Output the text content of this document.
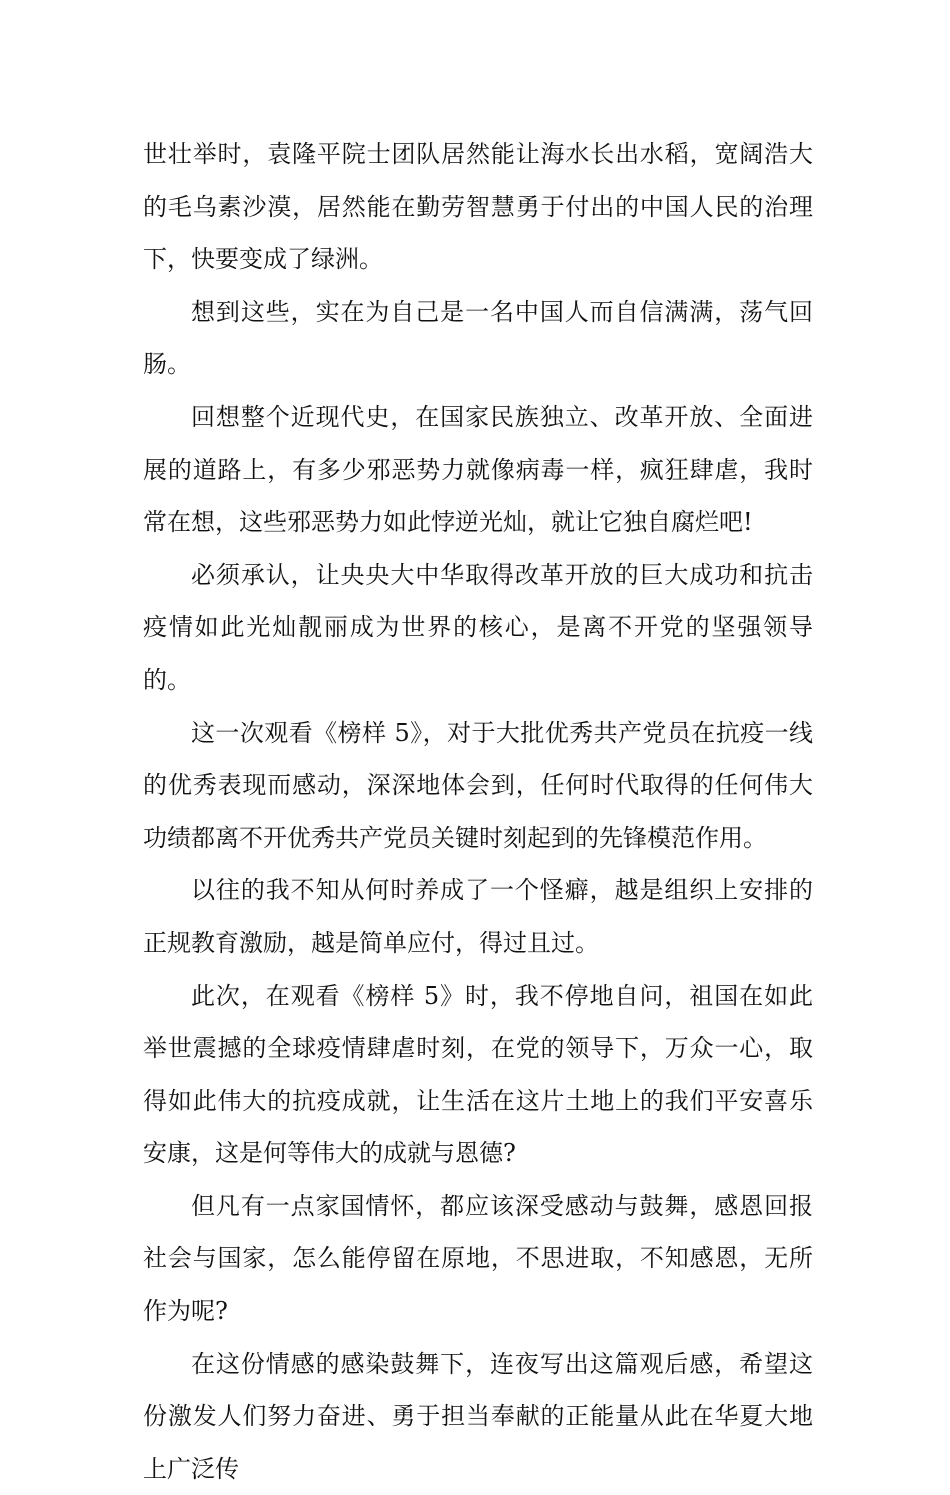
世壮举时，袁隆平院士团队居然能让海水长出水稻，宽阔浩大的毛乌素沙漠，居然能在勤劳智慧勇于付出的中国人民的治理下，快要变成了绿洲。

想到这些，实在为自己是一名中国人而自信满满，荡气回肠。

回想整个近现代史，在国家民族独立、改革开放、全面进展的道路上，有多少邪恶势力就像病毒一样，疯狂肆虐，我时常在想，这些邪恶势力如此悖逆光灿，就让它独自腐烂吧!

必须承认，让央央大中华取得改革开放的巨大成功和抗击疫情如此光灿靓丽成为世界的核心，是离不开党的坚强领导的。

这一次观看《榜样 5》，对于大批优秀共产党员在抗疫一线的优秀表现而感动，深深地体会到，任何时代取得的任何伟大功绩都离不开优秀共产党员关键时刻起到的先锋模范作用。

以往的我不知从何时养成了一个怪癖，越是组织上安排的正规教育激励，越是简单应付，得过且过。

此次，在观看《榜样 5》时，我不停地自问，祖国在如此举世震撼的全球疫情肆虐时刻，在党的领导下，万众一心，取得如此伟大的抗疫成就，让生活在这片土地上的我们平安喜乐安康，这是何等伟大的成就与恩德?

但凡有一点家国情怀，都应该深受感动与鼓舞，感恩回报社会与国家，怎么能停留在原地，不思进取，不知感恩，无所作为呢?

在这份情感的感染鼓舞下，连夜写出这篇观后感，希望这份激发人们努力奋进、勇于担当奉献的正能量从此在华夏大地上广泛传
